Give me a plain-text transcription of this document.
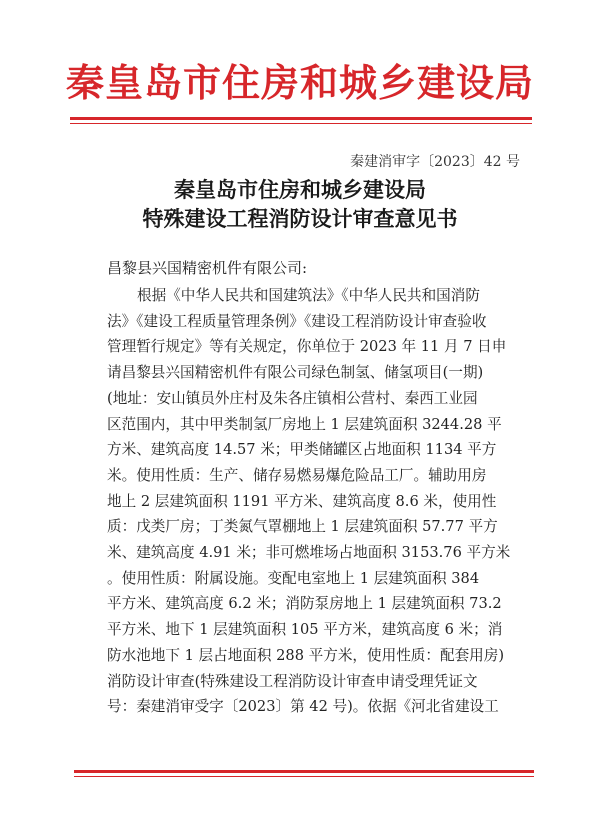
秦皇岛市住房和城乡建设局
秦建消审字〔2023〕42 号
秦皇岛市住房和城乡建设局
特殊建设工程消防设计审查意见书
昌黎县兴国精密机件有限公司:
根据《中华人民共和国建筑法》《中华人民共和国消防
法》《建设工程质量管理条例》《建设工程消防设计审查验收
管理暂行规定》等有关规定，你单位于 2023 年 11 月 7 日申
请昌黎县兴国精密机件有限公司绿色制氢、储氢项目(一期)
(地址：安山镇员外庄村及朱各庄镇相公营村、秦西工业园
区范围内，其中甲类制氢厂房地上 1 层建筑面积 3244.28 平
方米、建筑高度 14.57 米；甲类储罐区占地面积 1134 平方
米。使用性质：生产、储存易燃易爆危险品工厂。辅助用房
地上 2 层建筑面积 1191 平方米、建筑高度 8.6 米，使用性
质：戊类厂房；丁类氮气罩棚地上 1 层建筑面积 57.77 平方
米、建筑高度 4.91 米；非可燃堆场占地面积 3153.76 平方米
。使用性质：附属设施。变配电室地上 1 层建筑面积 384
平方米、建筑高度 6.2 米；消防泵房地上 1 层建筑面积 73.2
平方米、地下 1 层建筑面积 105 平方米，建筑高度 6 米；消
防水池地下 1 层占地面积 288 平方米，使用性质：配套用房)
消防设计审查(特殊建设工程消防设计审查申请受理凭证文
号：秦建消审受字〔2023〕第 42 号)。依据《河北省建设工
